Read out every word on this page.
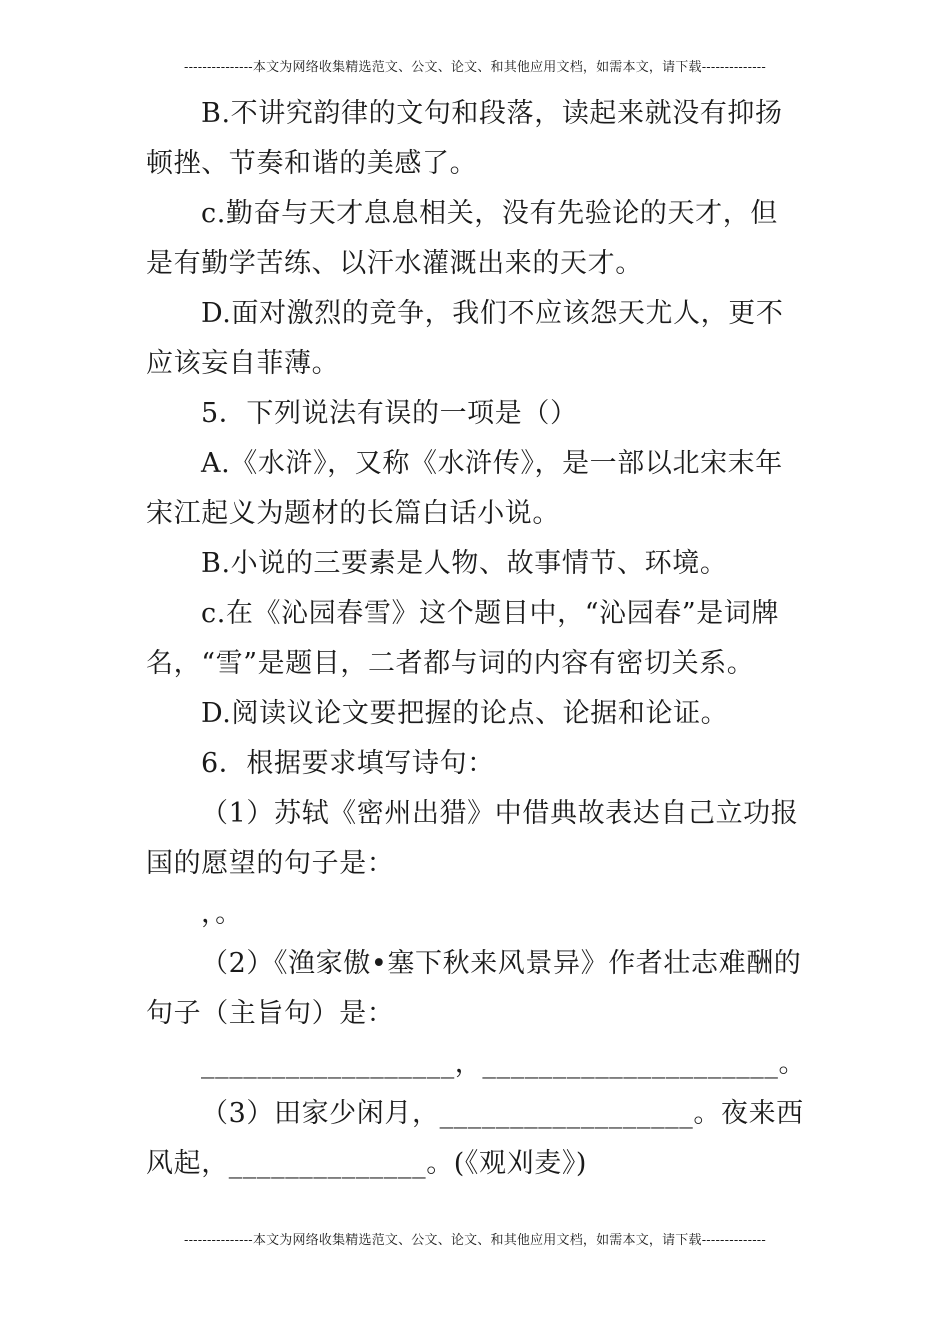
---------------本文为网络收集精选范文、公文、论文、和其他应用文档，如需本文，请下载--------------
B.不讲究韵律的文句和段落，读起来就没有抑扬
顿挫、节奏和谐的美感了。
c.勤奋与天才息息相关，没有先验论的天才，但
是有勤学苦练、以汗水灌溉出来的天才。
D.面对激烈的竞争，我们不应该怨天尤人，更不
应该妄自菲薄。
5．下列说法有误的一项是（）
A.《水浒》，又称《水浒传》，是一部以北宋末年
宋江起义为题材的长篇白话小说。
B.小说的三要素是人物、故事情节、环境。
c.在《沁园春雪》这个题目中，“沁园春”是词牌
名，“雪”是题目，二者都与词的内容有密切关系。
D.阅读议论文要把握的论点、论据和论证。
6．根据要求填写诗句：
（1）苏轼《密州出猎》中借典故表达自己立功报
国的愿望的句子是：
，。
（2）《渔家傲•塞下秋来风景异》作者壮志难酬的
句子（主旨句）是：
__________________，_____________________。
（3）田家少闲月，__________________。夜来西
风起，______________。(《观刈麦》)
---------------本文为网络收集精选范文、公文、论文、和其他应用文档，如需本文，请下载--------------
